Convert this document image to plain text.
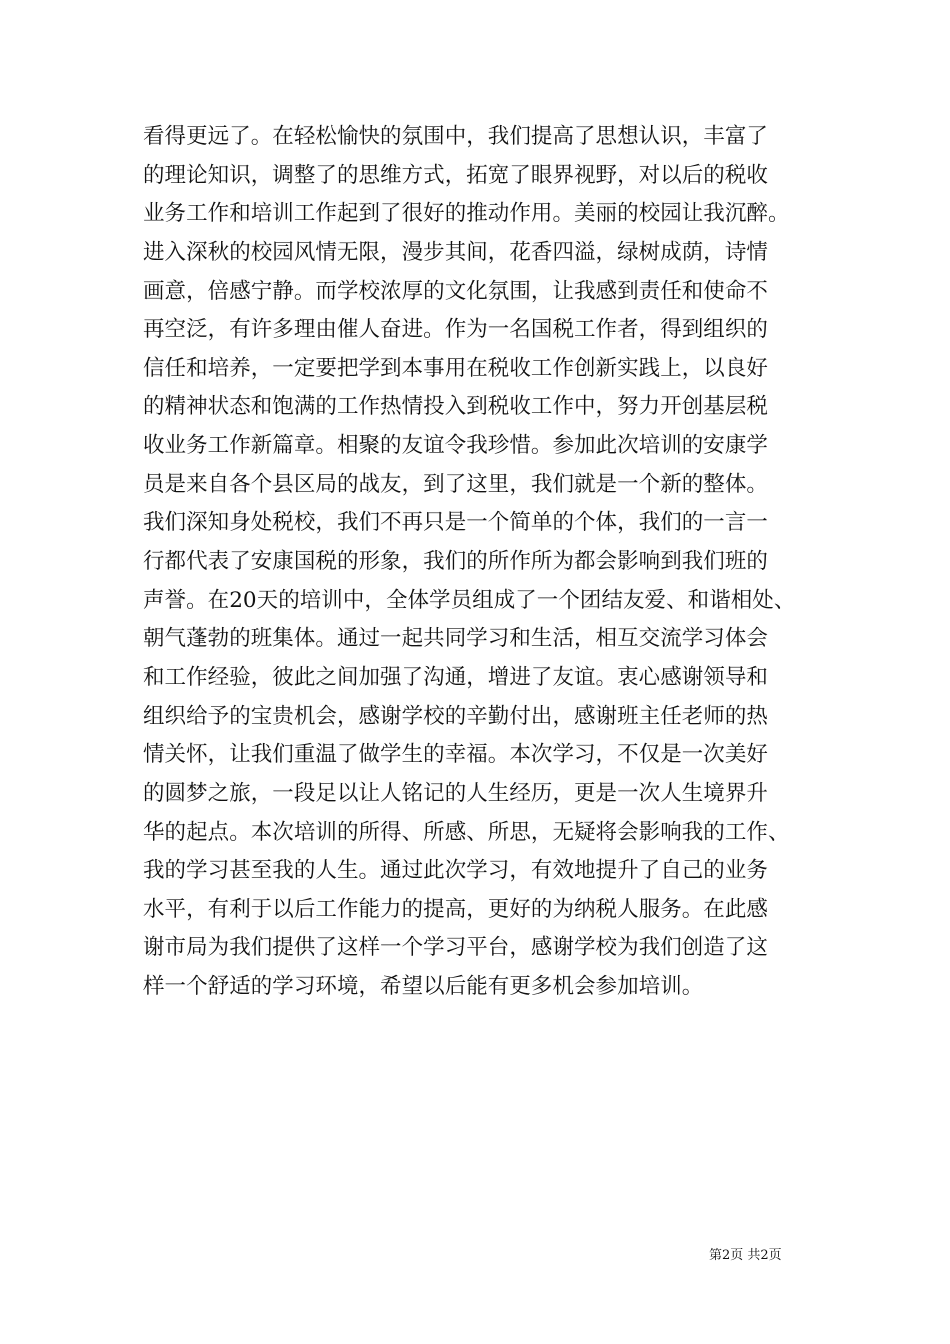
看得更远了。在轻松愉快的氛围中，我们提高了思想认识，丰富了
的理论知识，调整了的思维方式，拓宽了眼界视野，对以后的税收
业务工作和培训工作起到了很好的推动作用。美丽的校园让我沉醉。
进入深秋的校园风情无限，漫步其间，花香四溢，绿树成荫，诗情
画意，倍感宁静。而学校浓厚的文化氛围，让我感到责任和使命不
再空泛，有许多理由催人奋进。作为一名国税工作者，得到组织的
信任和培养，一定要把学到本事用在税收工作创新实践上，以良好
的精神状态和饱满的工作热情投入到税收工作中，努力开创基层税
收业务工作新篇章。相聚的友谊令我珍惜。参加此次培训的安康学
员是来自各个县区局的战友，到了这里，我们就是一个新的整体。
我们深知身处税校，我们不再只是一个简单的个体，我们的一言一
行都代表了安康国税的形象，我们的所作所为都会影响到我们班的
声誉。在20天的培训中，全体学员组成了一个团结友爱、和谐相处、
朝气蓬勃的班集体。通过一起共同学习和生活，相互交流学习体会
和工作经验，彼此之间加强了沟通，增进了友谊。衷心感谢领导和
组织给予的宝贵机会，感谢学校的辛勤付出，感谢班主任老师的热
情关怀，让我们重温了做学生的幸福。本次学习，不仅是一次美好
的圆梦之旅，一段足以让人铭记的人生经历，更是一次人生境界升
华的起点。本次培训的所得、所感、所思，无疑将会影响我的工作、
我的学习甚至我的人生。通过此次学习，有效地提升了自己的业务
水平，有利于以后工作能力的提高，更好的为纳税人服务。在此感
谢市局为我们提供了这样一个学习平台，感谢学校为我们创造了这
样一个舒适的学习环境，希望以后能有更多机会参加培训。
第2页 共2页
